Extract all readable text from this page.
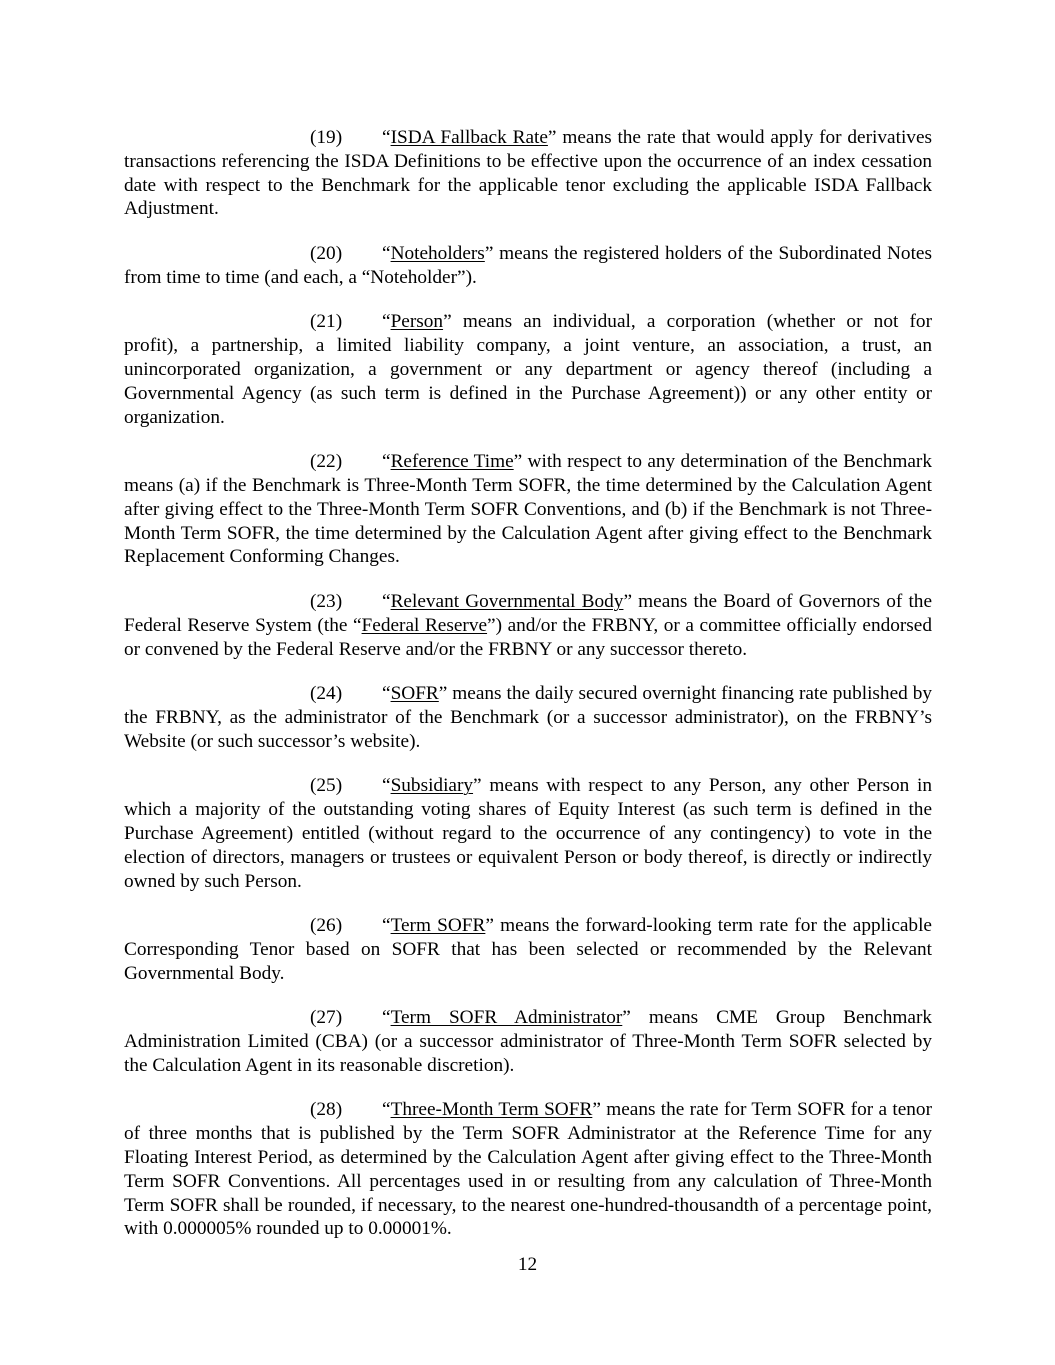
(19) “ISDA Fallback Rate” means the rate that would apply for derivatives transactions referencing the ISDA Definitions to be effective upon the occurrence of an index cessation date with respect to the Benchmark for the applicable tenor excluding the applicable ISDA Fallback Adjustment.

(20) “Noteholders” means the registered holders of the Subordinated Notes from time to time (and each, a “Noteholder”).

(21) “Person” means an individual, a corporation (whether or not for profit), a partnership, a limited liability company, a joint venture, an association, a trust, an unincorporated organization, a government or any department or agency thereof (including a Governmental Agency (as such term is defined in the Purchase Agreement)) or any other entity or organization.

(22) “Reference Time” with respect to any determination of the Benchmark means (a) if the Benchmark is Three-Month Term SOFR, the time determined by the Calculation Agent after giving effect to the Three-Month Term SOFR Conventions, and (b) if the Benchmark is not Three-Month Term SOFR, the time determined by the Calculation Agent after giving effect to the Benchmark Replacement Conforming Changes.

(23) “Relevant Governmental Body” means the Board of Governors of the Federal Reserve System (the “Federal Reserve”) and/or the FRBNY, or a committee officially endorsed or convened by the Federal Reserve and/or the FRBNY or any successor thereto.

(24) “SOFR” means the daily secured overnight financing rate published by the FRBNY, as the administrator of the Benchmark (or a successor administrator), on the FRBNY’s Website (or such successor’s website).

(25) “Subsidiary” means with respect to any Person, any other Person in which a majority of the outstanding voting shares of Equity Interest (as such term is defined in the Purchase Agreement) entitled (without regard to the occurrence of any contingency) to vote in the election of directors, managers or trustees or equivalent Person or body thereof, is directly or indirectly owned by such Person.

(26) “Term SOFR” means the forward-looking term rate for the applicable Corresponding Tenor based on SOFR that has been selected or recommended by the Relevant Governmental Body.

(27) “Term SOFR Administrator” means CME Group Benchmark Administration Limited (CBA) (or a successor administrator of Three-Month Term SOFR selected by the Calculation Agent in its reasonable discretion).

(28) “Three-Month Term SOFR” means the rate for Term SOFR for a tenor of three months that is published by the Term SOFR Administrator at the Reference Time for any Floating Interest Period, as determined by the Calculation Agent after giving effect to the Three-Month Term SOFR Conventions. All percentages used in or resulting from any calculation of Three-Month Term SOFR shall be rounded, if necessary, to the nearest one-hundred-thousandth of a percentage point, with 0.000005% rounded up to 0.00001%.

12
